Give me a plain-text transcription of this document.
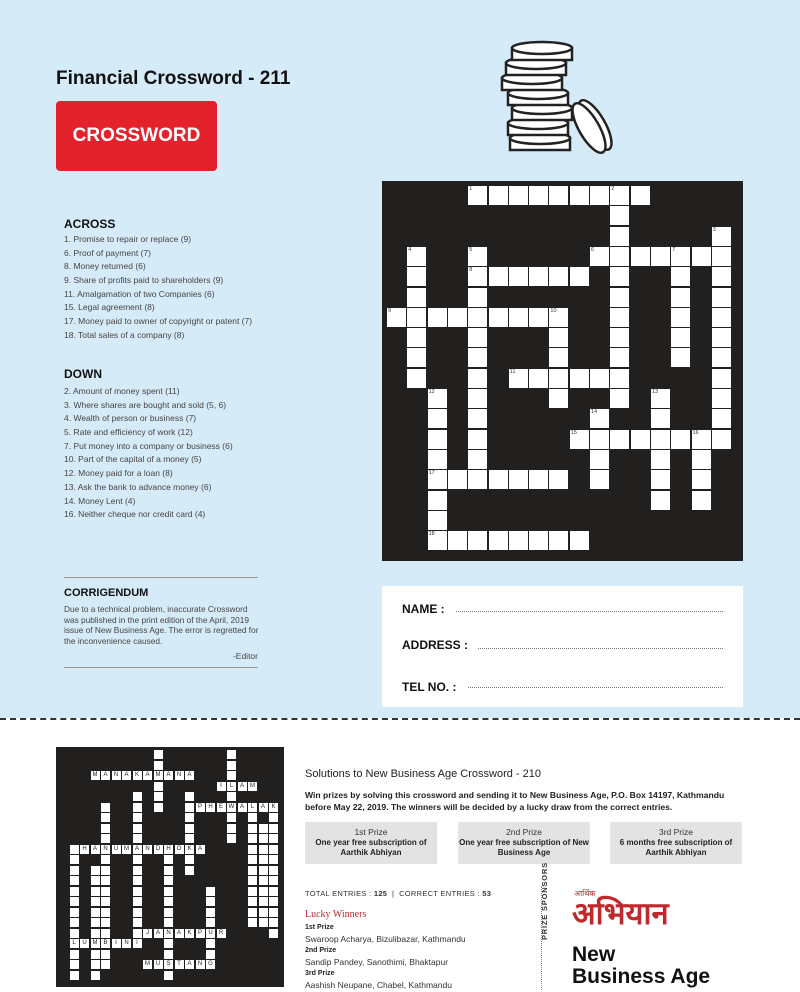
Financial Crossword - 211
CROSSWORD
ACROSS
1. Promise to repair or replace (9)
6. Proof of payment (7)
8. Money returned (6)
9. Share of profits paid to shareholders (9)
11. Amalgamation of two Companies (6)
15. Legal agreement (8)
17. Money paid to owner of copyright or patent (7)
18. Total sales of a company (8)
DOWN
2. Amount of money spent (11)
3. Where shares are bought and sold (5, 6)
4. Wealth of person or business (7)
5. Rate and efficiency of work (12)
7. Put money into a company or business (6)
10. Part of the capital of a money (5)
12. Money paid for a loan (8)
13. Ask the bank to advance money (6)
14. Money Lent (4)
16. Neither cheque nor credit card (4)
CORRIGENDUM
Due to a technical problem, inaccurate Crossword was published in the print edition of the April, 2019 issue of New Business Age. The error is regretted for the inconvenience caused.
-Editor
1	2
3
4	5	6	7
8
9	10
11
12	13
14
15	16
17
18
NAME :
ADDRESS :
TEL NO. :
M A	N	A	K	A	M A	N	A
I	L	A	M
P	H	E W A	L	A	K
H	A	N	U M A	N	D	H O	K	A
J	A	N	A	K	P	U	R
L	U M B	I	N	I
M U	S	T	A	N G
Solutions to New Business Age Crossword - 210
Win prizes by solving this crossword and sending it to New Business Age, P.O. Box 14197, Kathmandu before May 22, 2019. The winners will be decided by a lucky draw from the correct entries.
1st Prize
One year free subscription of Aarthik Abhiyan
2nd Prize
One year free subscription of New Business Age
3rd Prize
6 months free subscription of Aarthik Abhiyan
TOTAL ENTRIES : 125  |  CORRECT ENTRIES : 53
Lucky Winners
1st Prize
Swaroop Acharya, Bizulibazar, Kathmandu
2nd Prize
Sandip Pandey, Sanothimi, Bhaktapur
3rd Prize
Aashish Neupane, Chabel, Kathmandu
PRIZE SPONSORS	आर्थिक
अभियान
New Business Age
